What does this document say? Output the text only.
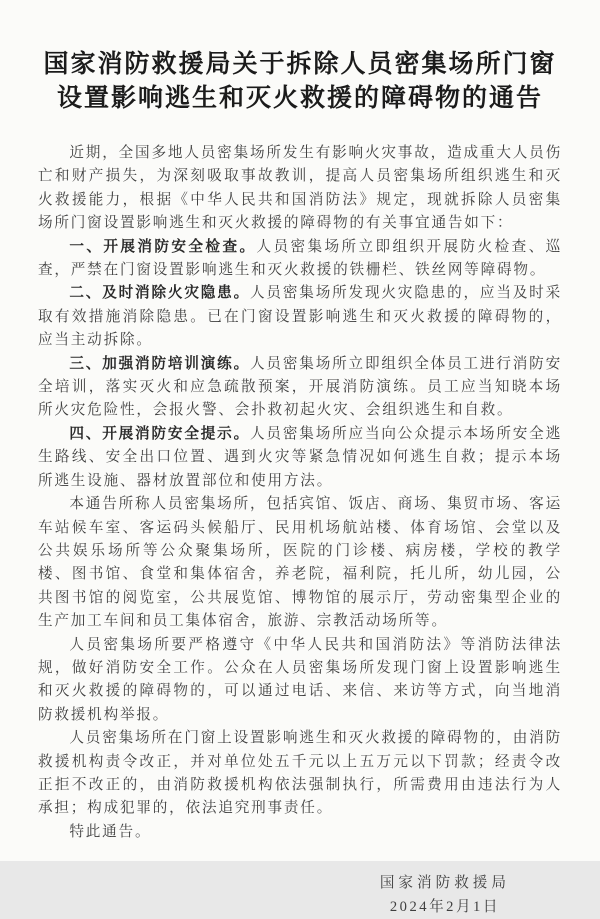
国家消防救援局关于拆除人员密集场所门窗
设置影响逃生和灭火救援的障碍物的通告

近期，全国多地人员密集场所发生有影响火灾事故，造成重大人员伤亡和财产损失，为深刻吸取事故教训，提高人员密集场所组织逃生和灭火救援能力，根据《中华人民共和国消防法》规定，现就拆除人员密集场所门窗设置影响逃生和灭火救援的障碍物的有关事宜通告如下：

一、开展消防安全检查。人员密集场所立即组织开展防火检查、巡查，严禁在门窗设置影响逃生和灭火救援的铁栅栏、铁丝网等障碍物。

二、及时消除火灾隐患。人员密集场所发现火灾隐患的，应当及时采取有效措施消除隐患。已在门窗设置影响逃生和灭火救援的障碍物的，应当主动拆除。

三、加强消防培训演练。人员密集场所立即组织全体员工进行消防安全培训，落实灭火和应急疏散预案，开展消防演练。员工应当知晓本场所火灾危险性，会报火警、会扑救初起火灾、会组织逃生和自救。

四、开展消防安全提示。人员密集场所应当向公众提示本场所安全逃生路线、安全出口位置、遇到火灾等紧急情况如何逃生自救；提示本场所逃生设施、器材放置部位和使用方法。

本通告所称人员密集场所，包括宾馆、饭店、商场、集贸市场、客运车站候车室、客运码头候船厅、民用机场航站楼、体育场馆、会堂以及公共娱乐场所等公众聚集场所，医院的门诊楼、病房楼，学校的教学楼、图书馆、食堂和集体宿舍，养老院，福利院，托儿所，幼儿园，公共图书馆的阅览室，公共展览馆、博物馆的展示厅，劳动密集型企业的生产加工车间和员工集体宿舍，旅游、宗教活动场所等。

人员密集场所要严格遵守《中华人民共和国消防法》等消防法律法规，做好消防安全工作。公众在人员密集场所发现门窗上设置影响逃生和灭火救援的障碍物的，可以通过电话、来信、来访等方式，向当地消防救援机构举报。

人员密集场所在门窗上设置影响逃生和灭火救援的障碍物的，由消防救援机构责令改正，并对单位处五千元以上五万元以下罚款；经责令改正拒不改正的，由消防救援机构依法强制执行，所需费用由违法行为人承担；构成犯罪的，依法追究刑事责任。

特此通告。

国家消防救援局
2024年2月1日
